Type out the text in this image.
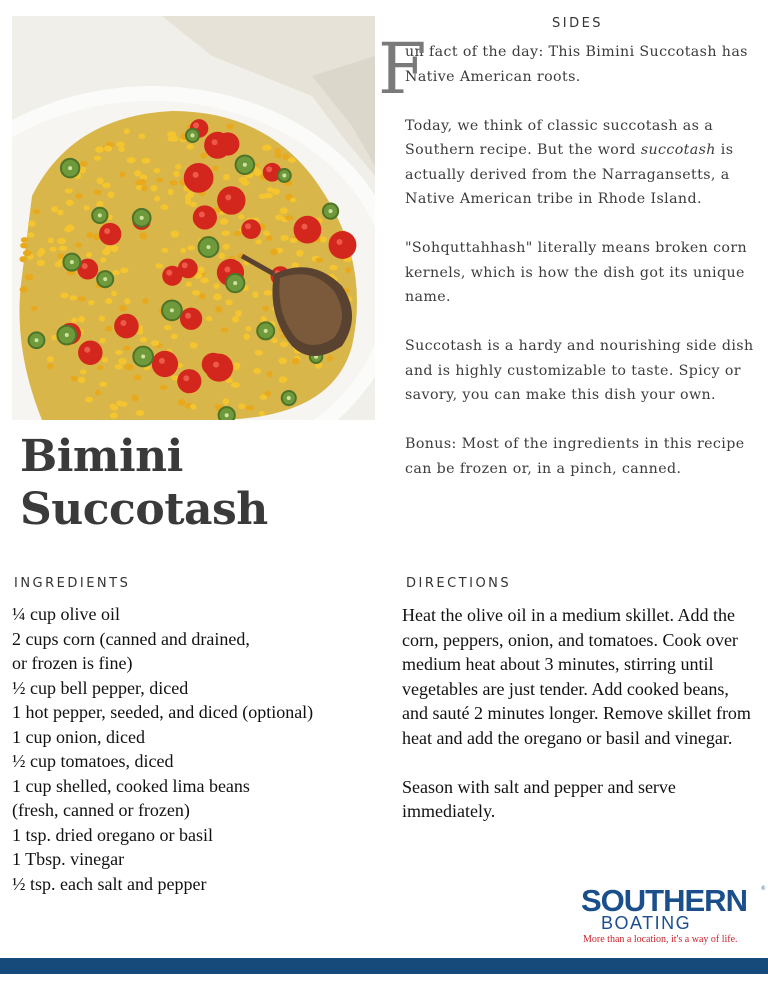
SIDES
F

un fact of the day: This Bimini Succotash has Native American roots.

Today, we think of classic succotash as a Southern recipe. But the word succotash is actually derived from the Narragansetts, a Native American tribe in Rhode Island.

"Sohquttahhash" literally means broken corn kernels, which is how the dish got its unique name.

Succotash is a hardy and nourishing side dish and is highly customizable to taste. Spicy or savory, you can make this dish your own.

Bonus: Most of the ingredients in this recipe can be frozen or, in a pinch, canned.

Bimini
Succotash
INGREDIENTS
¼ cup olive oil
2 cups corn (canned and drained,
or frozen is fine)
½ cup bell pepper, diced
1 hot pepper, seeded, and diced (optional)
1 cup onion, diced
½ cup tomatoes, diced
1 cup shelled, cooked lima beans
(fresh, canned or frozen)
1 tsp. dried oregano or basil
1 Tbsp. vinegar
½ tsp. each salt and pepper
DIRECTIONS

Heat the olive oil in a medium skillet. Add the corn, peppers, onion, and tomatoes. Cook over medium heat about 3 minutes, stirring until vegetables are just tender. Add cooked beans, and sauté 2 minutes longer. Remove skillet from heat and add the oregano or basil and vinegar.

Season with salt and pepper and serve immediately.

SOUTHERN ®
BOATING
More than a location, it's a way of life.
